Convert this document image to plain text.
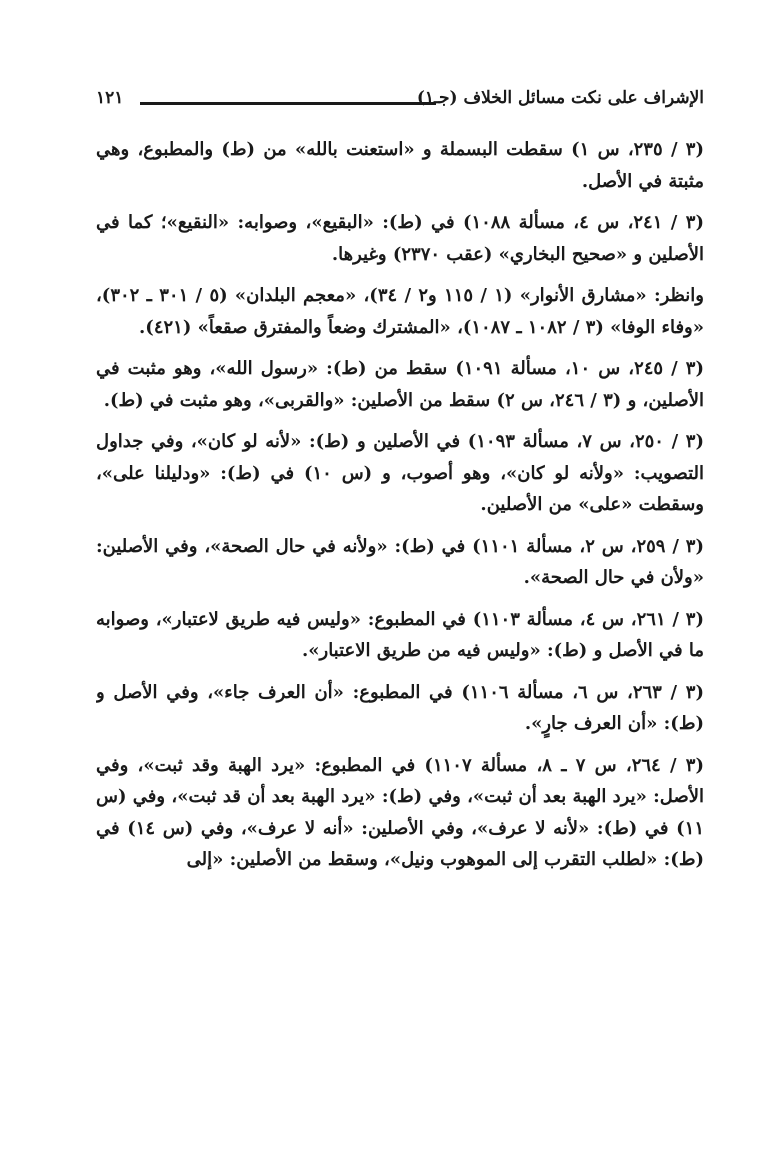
الإشراف على نكت مسائل الخلاف (جـ١)
١٢١

(٣ / ٢٣٥، س ١) سقطت البسملة و «استعنت بالله» من (ط) والمطبوع، وهي مثبتة في الأصل.

(٣ / ٢٤١، س ٤، مسألة ١٠٨٨) في (ط): «البقيع»، وصوابه: «النقيع»؛ كما في الأصلين و «صحيح البخاري» (عقب ٢٣٧٠) وغيرها.

وانظر: «مشارق الأنوار» (١ / ١١٥ و٢ / ٣٤)، «معجم البلدان» (٥ / ٣٠١ ـ ٣٠٢)، «وفاء الوفا» (٣ / ١٠٨٢ ـ ١٠٨٧)، «المشترك وضعاً والمفترق صقعاً» (٤٢١).

(٣ / ٢٤٥، س ١٠، مسألة ١٠٩١) سقط من (ط): «رسول الله»، وهو مثبت في الأصلين، و (٣ / ٢٤٦، س ٢) سقط من الأصلين: «والقربى»، وهو مثبت في (ط).

(٣ / ٢٥٠، س ٧، مسألة ١٠٩٣) في الأصلين و (ط): «لأنه لو كان»، وفي جداول التصويب: «ولأنه لو كان»، وهو أصوب، و (س ١٠) في (ط): «ودليلنا على»، وسقطت «على» من الأصلين.

(٣ / ٢٥٩، س ٢، مسألة ١١٠١) في (ط): «ولأنه في حال الصحة»، وفي الأصلين: «ولأن في حال الصحة».

(٣ / ٢٦١، س ٤، مسألة ١١٠٣) في المطبوع: «وليس فيه طريق لاعتبار»، وصوابه ما في الأصل و (ط): «وليس فيه من طريق الاعتبار».

(٣ / ٢٦٣، س ٦، مسألة ١١٠٦) في المطبوع: «أن العرف جاء»، وفي الأصل و (ط): «أن العرف جارٍ».

(٣ / ٢٦٤، س ٧ ـ ٨، مسألة ١١٠٧) في المطبوع: «يرد الهبة وقد ثبت»، وفي الأصل: «يرد الهبة بعد أن ثبت»، وفي (ط): «يرد الهبة بعد أن قد ثبت»، وفي (س ١١) في (ط): «لأنه لا عرف»، وفي الأصلين: «أنه لا عرف»، وفي (س ١٤) في (ط): «لطلب التقرب إلى الموهوب ونيل»، وسقط من الأصلين: «إلى
